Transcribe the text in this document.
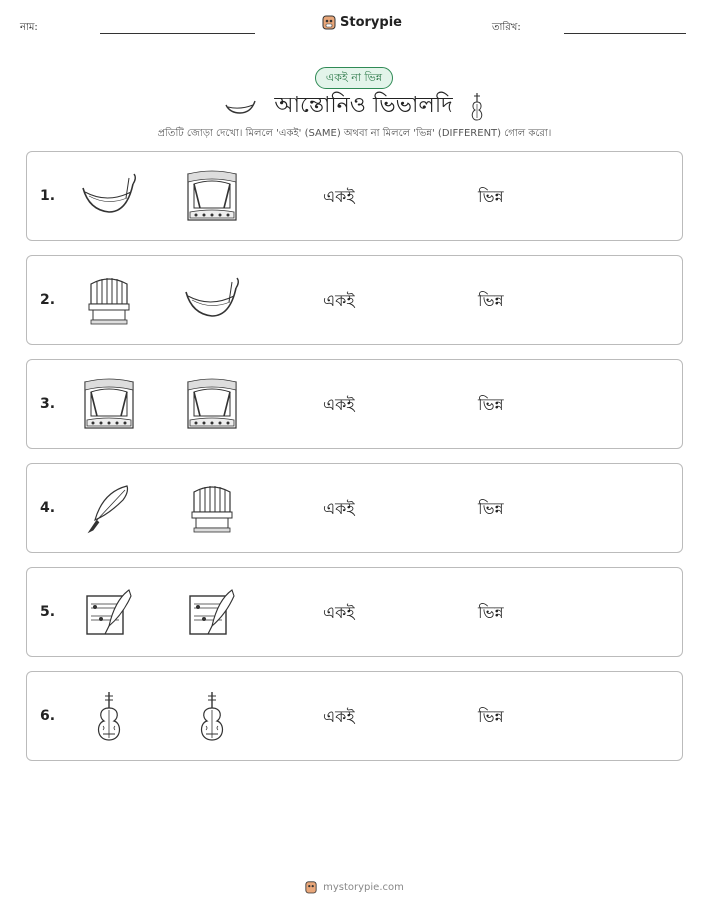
নাম:	Storypie	তারিখ:
একই না ভিন্ন
আন্তোনিও ভিভালদি
প্রতিটি জোড়া দেখো। মিললে 'একই' (SAME) অথবা না মিললে 'ভিন্ন' (DIFFERENT) গোল করো।
1.	একই	ভিন্ন
2.	একই	ভিন্ন
3.	একই	ভিন্ন
4.	একই	ভিন্ন
5.	একই	ভিন্ন
6.	একই	ভিন্ন
mystorypie.com
